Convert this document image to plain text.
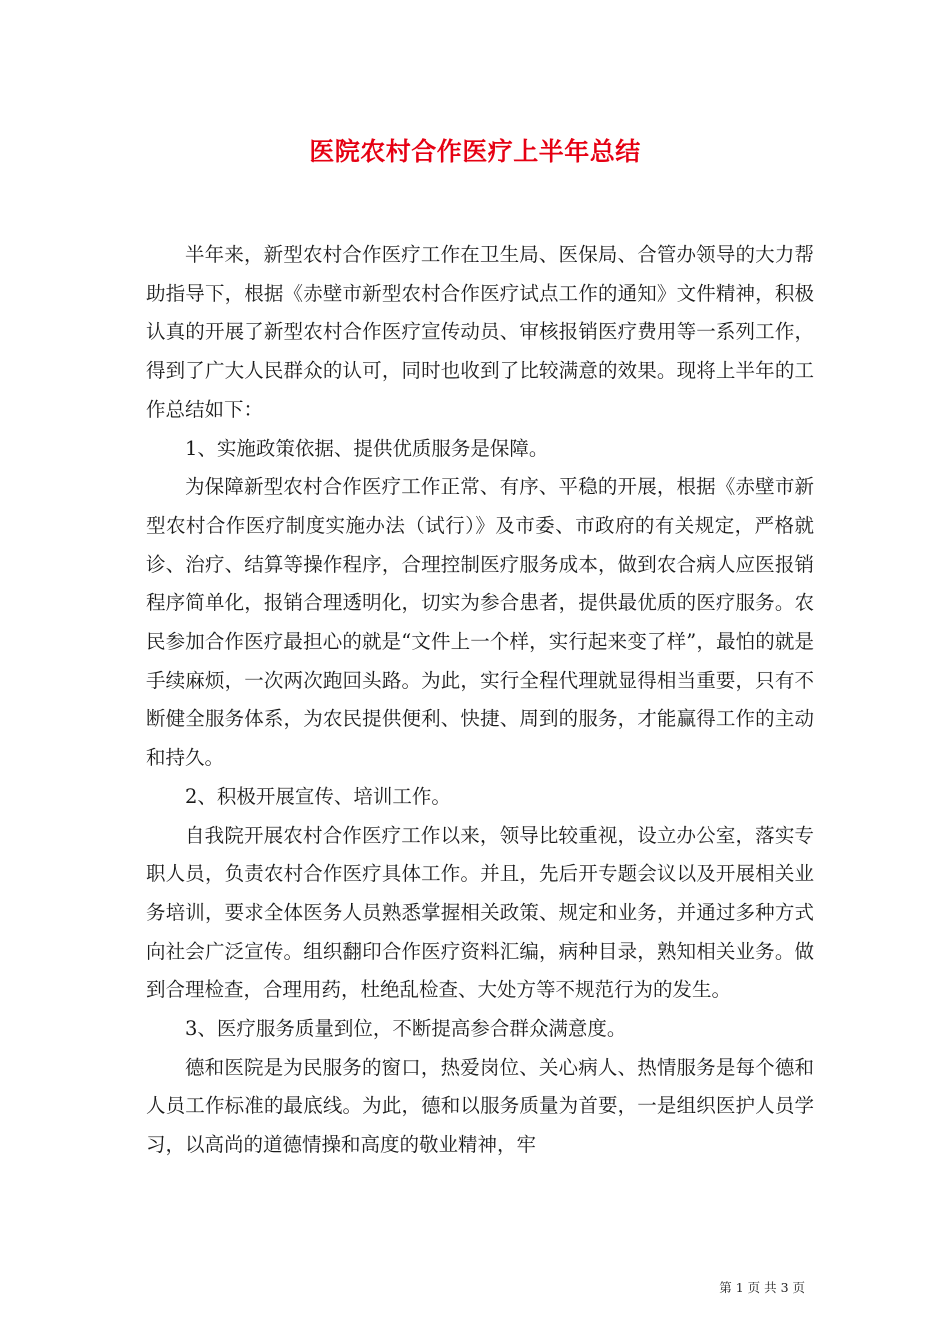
医院农村合作医疗上半年总结

半年来，新型农村合作医疗工作在卫生局、医保局、合管办领导的大力帮助指导下，根据《赤壁市新型农村合作医疗试点工作的通知》文件精神，积极认真的开展了新型农村合作医疗宣传动员、审核报销医疗费用等一系列工作，得到了广大人民群众的认可，同时也收到了比较满意的效果。现将上半年的工作总结如下：

1、实施政策依据、提供优质服务是保障。

为保障新型农村合作医疗工作正常、有序、平稳的开展，根据《赤壁市新型农村合作医疗制度实施办法（试行）》及市委、市政府的有关规定，严格就诊、治疗、结算等操作程序，合理控制医疗服务成本，做到农合病人应医报销程序简单化，报销合理透明化，切实为参合患者，提供最优质的医疗服务。农民参加合作医疗最担心的就是“文件上一个样，实行起来变了样”，最怕的就是手续麻烦，一次两次跑回头路。为此，实行全程代理就显得相当重要，只有不断健全服务体系，为农民提供便利、快捷、周到的服务，才能赢得工作的主动和持久。

2、积极开展宣传、培训工作。

自我院开展农村合作医疗工作以来，领导比较重视，设立办公室，落实专职人员，负责农村合作医疗具体工作。并且，先后开专题会议以及开展相关业务培训，要求全体医务人员熟悉掌握相关政策、规定和业务，并通过多种方式向社会广泛宣传。组织翻印合作医疗资料汇编，病种目录，熟知相关业务。做到合理检查，合理用药，杜绝乱检查、大处方等不规范行为的发生。

3、医疗服务质量到位，不断提高参合群众满意度。

德和医院是为民服务的窗口，热爱岗位、关心病人、热情服务是每个德和人员工作标准的最底线。为此，德和以服务质量为首要，一是组织医护人员学习，以高尚的道德情操和高度的敬业精神，牢

第 1 页 共 3 页
